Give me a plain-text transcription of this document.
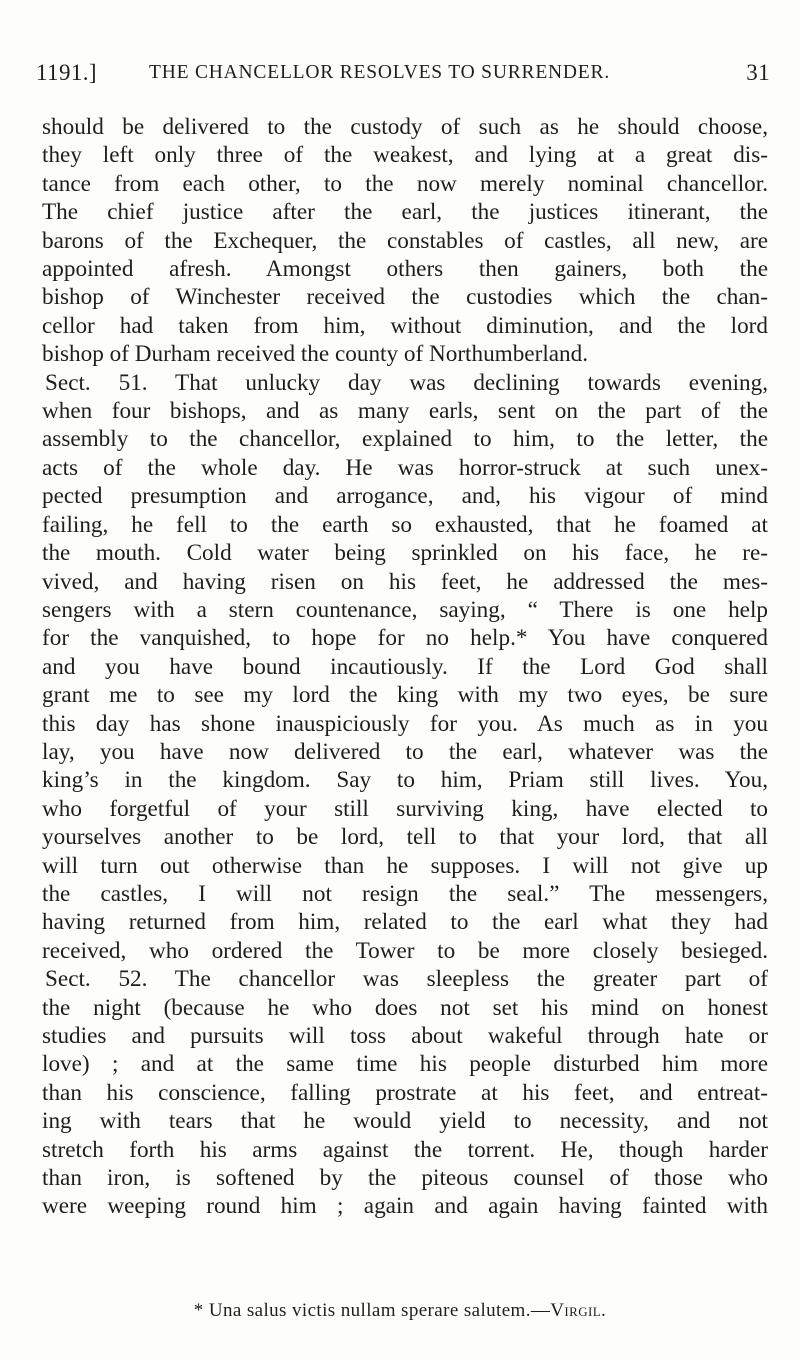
1191.]	THE CHANCELLOR RESOLVES TO SURRENDER.	31
should be delivered to the custody of such as he should choose,
they left only three of the weakest, and lying at a great dis-
tance from each other, to the now merely nominal chancellor.
The chief justice after the earl, the justices itinerant, the
barons of the Exchequer, the constables of castles, all new, are
appointed afresh. Amongst others then gainers, both the
bishop of Winchester received the custodies which the chan-
cellor had taken from him, without diminution, and the lord
bishop of Durham received the county of Northumberland.
Sect. 51. That unlucky day was declining towards evening,
when four bishops, and as many earls, sent on the part of the
assembly to the chancellor, explained to him, to the letter, the
acts of the whole day. He was horror-struck at such unex-
pected presumption and arrogance, and, his vigour of mind
failing, he fell to the earth so exhausted, that he foamed at
the mouth. Cold water being sprinkled on his face, he re-
vived, and having risen on his feet, he addressed the mes-
sengers with a stern countenance, saying, “ There is one help
for the vanquished, to hope for no help.* You have conquered
and you have bound incautiously. If the Lord God shall
grant me to see my lord the king with my two eyes, be sure
this day has shone inauspiciously for you. As much as in you
lay, you have now delivered to the earl, whatever was the
king’s in the kingdom. Say to him, Priam still lives. You,
who forgetful of your still surviving king, have elected to
yourselves another to be lord, tell to that your lord, that all
will turn out otherwise than he supposes. I will not give up
the castles, I will not resign the seal.” The messengers,
having returned from him, related to the earl what they had
received, who ordered the Tower to be more closely besieged.
Sect. 52. The chancellor was sleepless the greater part of
the night (because he who does not set his mind on honest
studies and pursuits will toss about wakeful through hate or
love) ; and at the same time his people disturbed him more
than his conscience, falling prostrate at his feet, and entreat-
ing with tears that he would yield to necessity, and not
stretch forth his arms against the torrent. He, though harder
than iron, is softened by the piteous counsel of those who
were weeping round him ; again and again having fainted with
* Una salus victis nullam sperare salutem.—Virgil.
